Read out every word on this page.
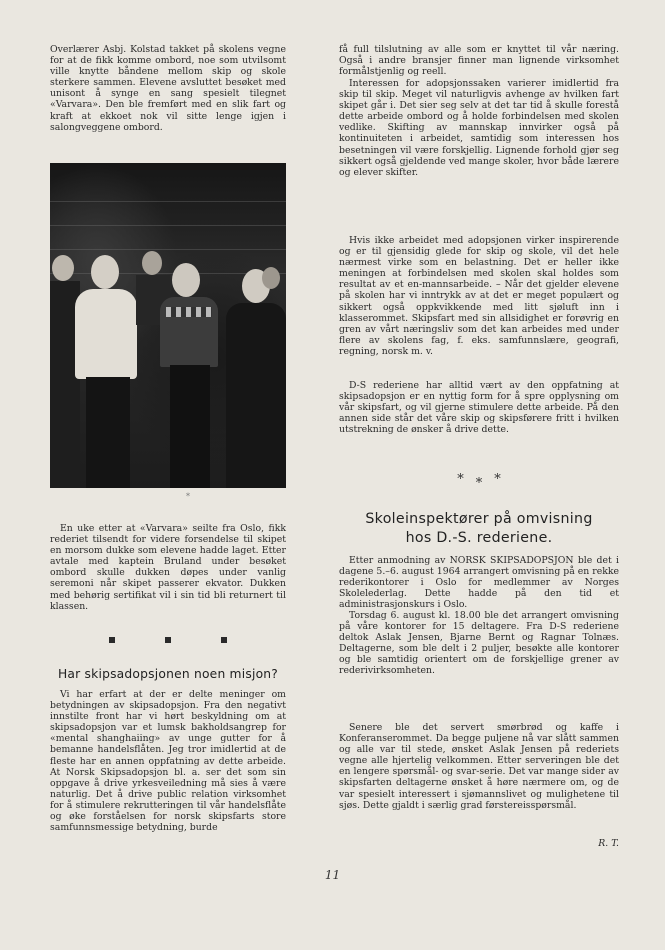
Overlærer Asbj. Kolstad takket på skolens vegne for at de fikk komme ombord, noe som utvilsomt ville knytte båndene mellom skip og skole sterkere sammen. Elevene avsluttet besøket med unisont å synge en sang spesielt tilegnet «Varvara». Den ble fremført med en slik fart og kraft at ekkoet nok vil sitte lenge igjen i salongveggene ombord.

*

En uke etter at «Varvara» seilte fra Oslo, fikk rederiet tilsendt for videre forsendelse til skipet en morsom dukke som elevene hadde laget. Etter avtale med kaptein Bruland under besøket ombord skulle dukken døpes under vanlig seremoni når skipet passerer ekvator. Dukken med behørig sertifikat vil i sin tid bli returnert til klassen.

Har skipsadopsjonen noen misjon?

Vi har erfart at der er delte meninger om betydningen av skipsadopsjon. Fra den negativt innstilte front har vi hørt beskyldning om at skipsadopsjon var et lumsk bakholdsangrep for «mental shanghaiing» av unge gutter for å bemanne handelsflåten. Jeg tror imidlertid at de fleste har en annen oppfatning av dette arbeide. At Norsk Skipsadopsjon bl. a. ser det som sin oppgave å drive yrkesveiledning må sies å være naturlig. Det å drive public relation virksomhet for å stimulere rekrutteringen til vår handelsflåte og øke forståelsen for norsk skipsfarts store samfunnsmessige betydning, burde

få full tilslutning av alle som er knyttet til vår næring. Også i andre bransjer finner man lignende virksomhet formålstjenlig og reell.

Interessen for adopsjonssaken varierer imidlertid fra skip til skip. Meget vil naturligvis avhenge av hvilken fart skipet går i. Det sier seg selv at det tar tid å skulle forestå dette arbeide ombord og å holde forbindelsen med skolen vedlike. Skifting av mannskap innvirker også på kontinuiteten i arbeidet, samtidig som interessen hos besetningen vil være forskjellig. Lignende forhold gjør seg sikkert også gjeldende ved mange skoler, hvor både lærere og elever skifter.

Hvis ikke arbeidet med adopsjonen virker inspirerende og er til gjensidig glede for skip og skole, vil det hele nærmest virke som en belastning. Det er heller ikke meningen at forbindelsen med skolen skal holdes som resultat av et en-mannsarbeide. – Når det gjelder elevene på skolen har vi inntrykk av at det er meget populært og sikkert også oppkvikkende med litt sjøluft inn i klasserommet. Skipsfart med sin allsidighet er forøvrig en gren av vårt næringsliv som det kan arbeides med under flere av skolens fag, f. eks. samfunnslære, geografi, regning, norsk m. v.

D-S rederiene har alltid vært av den oppfatning at skipsadopsjon er en nyttig form for å spre opplysning om vår skipsfart, og vil gjerne stimulere dette arbeide. På den annen side står det våre skip og skipsførere fritt i hvilken utstrekning de ønsker å drive dette.

* * *
Skoleinspektører på omvisning
hos D.-S. rederiene.

Etter anmodning av NORSK SKIPSADOPSJON ble det i dagene 5.–6. august 1964 arrangert omvisning på en rekke rederikontorer i Oslo for medlemmer av Norges Skolelederlag. Dette hadde på den tid et administrasjonskurs i Oslo.

Torsdag 6. august kl. 18.00 ble det arrangert omvisning på våre kontorer for 15 deltagere. Fra D-S rederiene deltok Aslak Jensen, Bjarne Bernt og Ragnar Tolnæs. Deltagerne, som ble delt i 2 puljer, besøkte alle kontorer og ble samtidig orientert om de forskjellige grener av rederivirksomheten.

Senere ble det servert smørbrød og kaffe i Konferanserommet. Da begge puljene nå var slått sammen og alle var til stede, ønsket Aslak Jensen på rederiets vegne alle hjertelig velkommen. Etter serveringen ble det en lengere spørsmål- og svar-serie. Det var mange sider av skipsfarten deltagerne ønsket å høre nærmere om, og de var spesielt interessert i sjømannslivet og mulighetene til sjøs. Dette gjaldt i særlig grad førstereisspørsmål.

R. T.
11
